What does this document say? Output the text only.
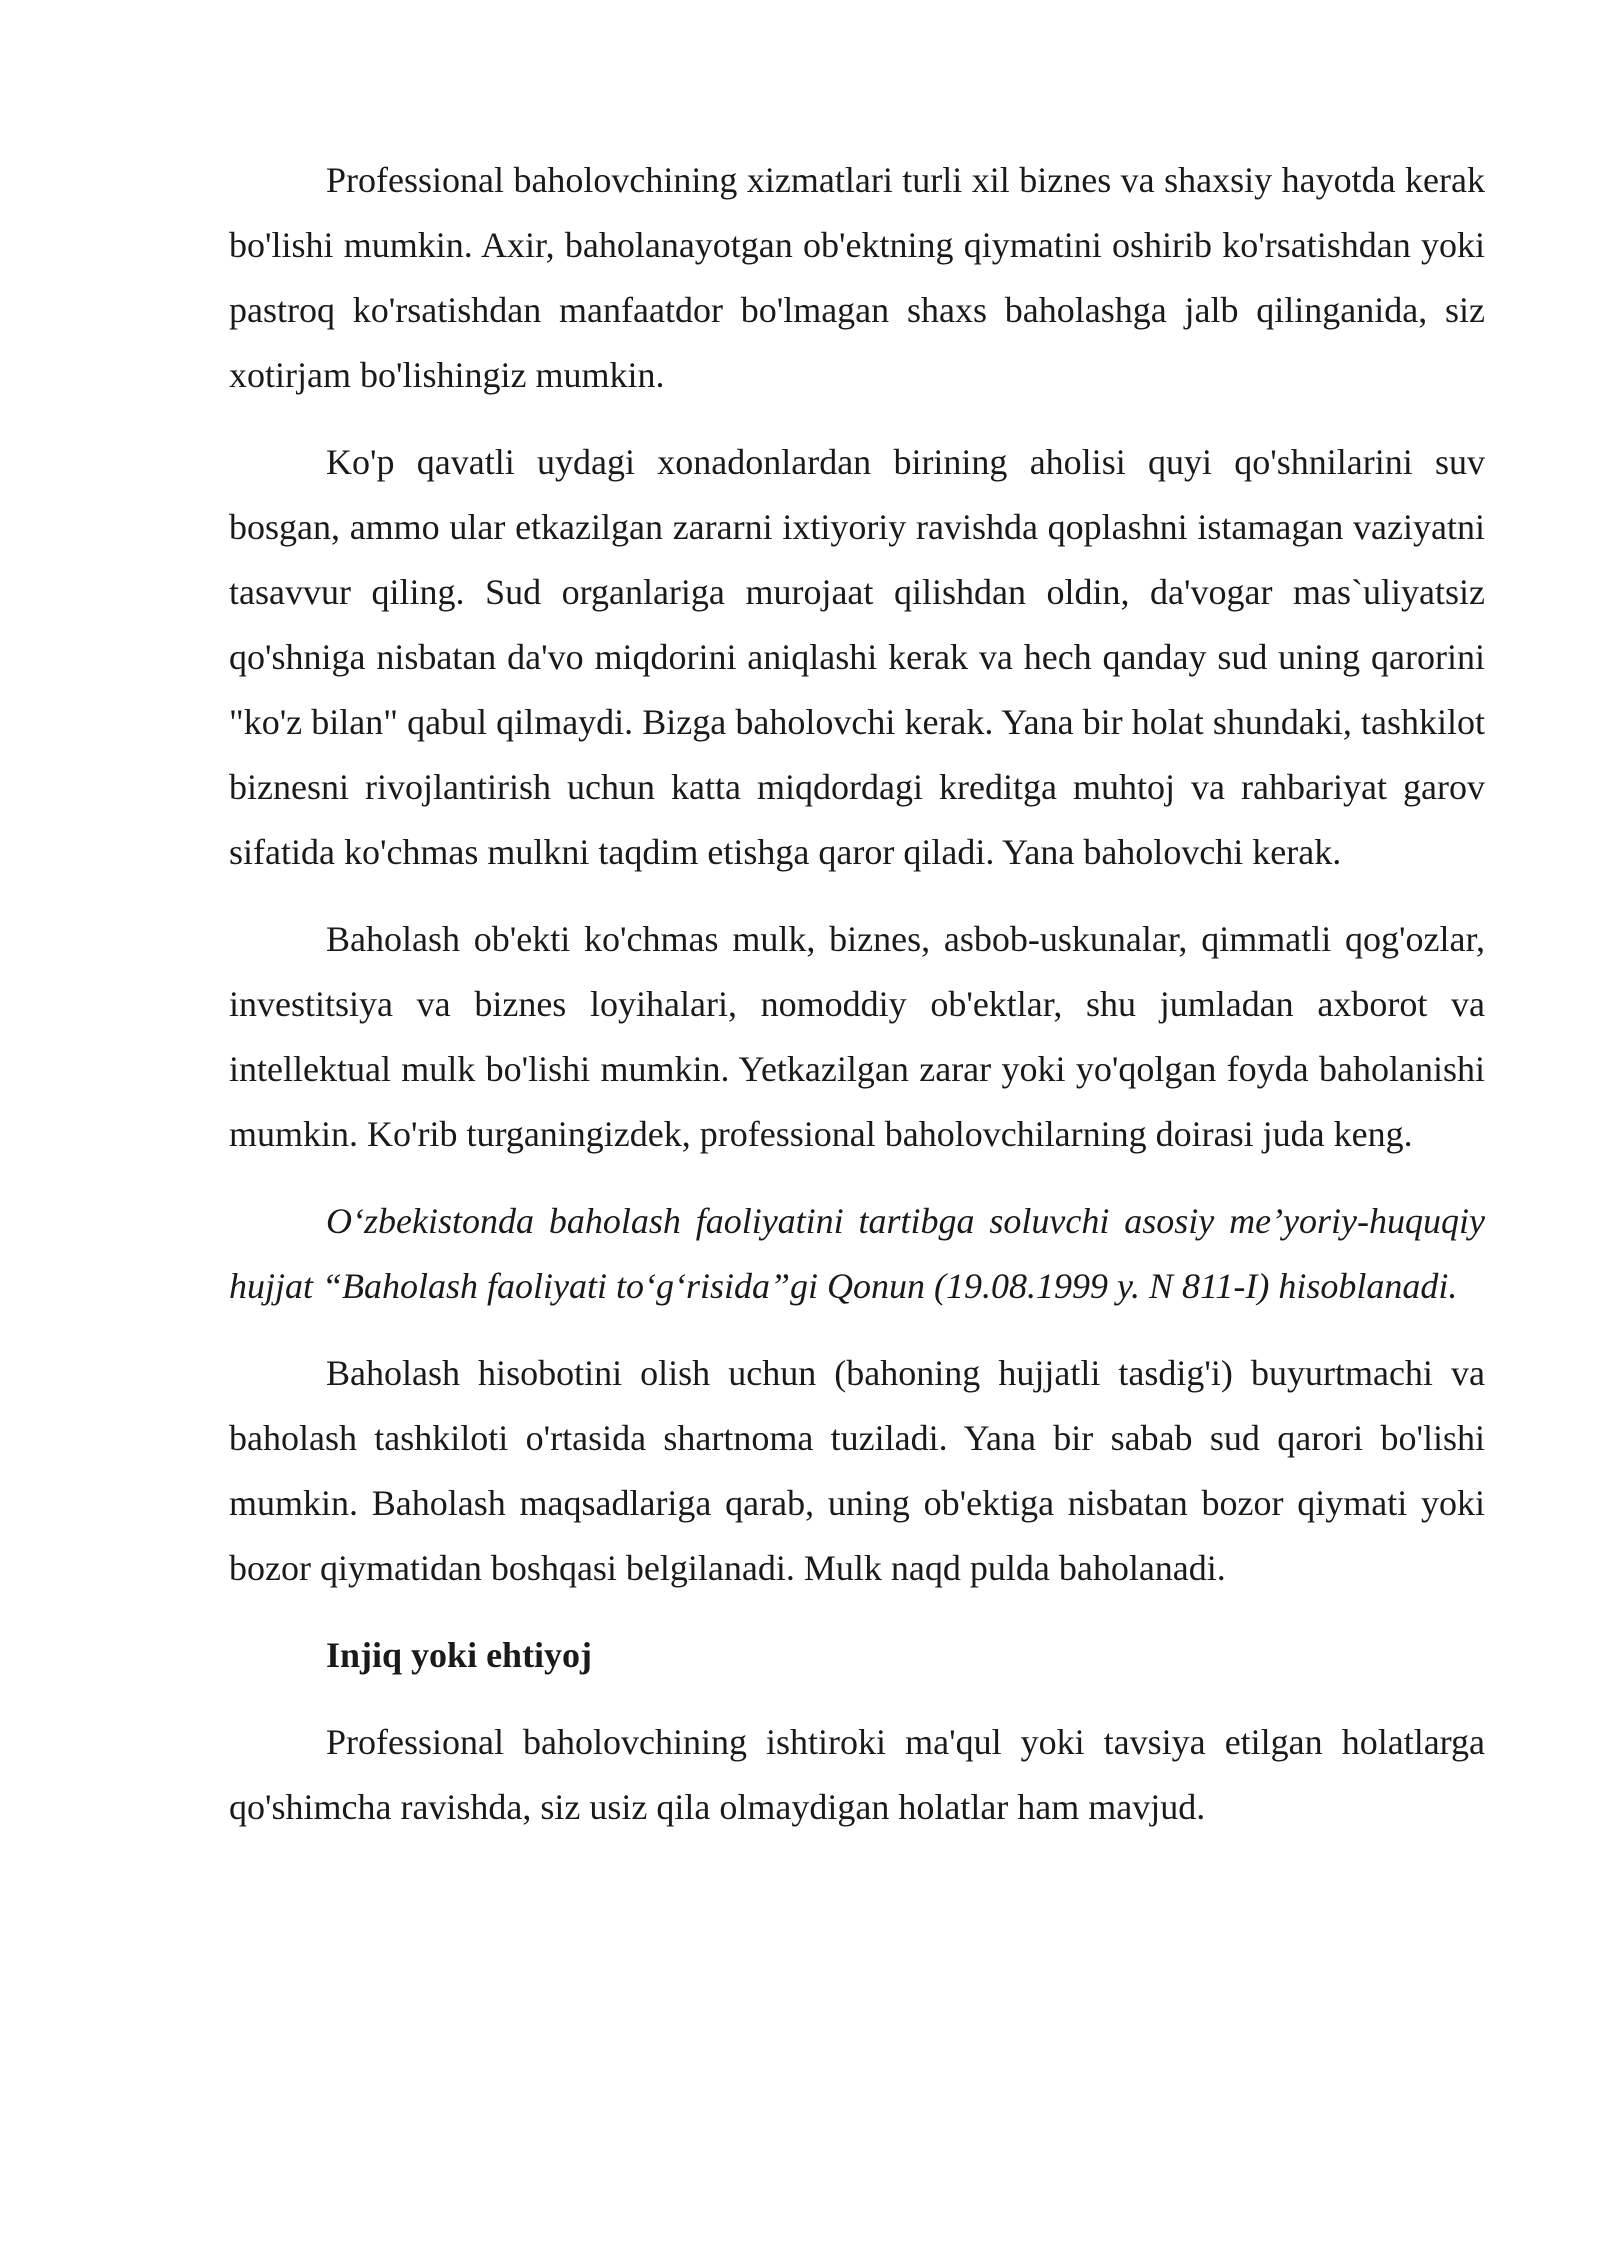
Professional baholovchining xizmatlari turli xil biznes va shaxsiy hayotda kerak bo'lishi mumkin. Axir, baholanayotgan ob'ektning qiymatini oshirib ko'rsatishdan yoki pastroq ko'rsatishdan manfaatdor bo'lmagan shaxs baholashga jalb qilinganida, siz xotirjam bo'lishingiz mumkin.

Ko'p qavatli uydagi xonadonlardan birining aholisi quyi qo'shnilarini suv bosgan, ammo ular etkazilgan zararni ixtiyoriy ravishda qoplashni istamagan vaziyatni tasavvur qiling. Sud organlariga murojaat qilishdan oldin, da'vogar mas`uliyatsiz qo'shniga nisbatan da'vo miqdorini aniqlashi kerak va hech qanday sud uning qarorini "ko'z bilan" qabul qilmaydi. Bizga baholovchi kerak. Yana bir holat shundaki, tashkilot biznesni rivojlantirish uchun katta miqdordagi kreditga muhtoj va rahbariyat garov sifatida ko'chmas mulkni taqdim etishga qaror qiladi. Yana baholovchi kerak.

Baholash ob'ekti ko'chmas mulk, biznes, asbob-uskunalar, qimmatli qog'ozlar, investitsiya va biznes loyihalari, nomoddiy ob'ektlar, shu jumladan axborot va intellektual mulk bo'lishi mumkin. Yetkazilgan zarar yoki yo'qolgan foyda baholanishi mumkin. Ko'rib turganingizdek, professional baholovchilarning doirasi juda keng.

O‘zbekistonda baholash faoliyatini tartibga soluvchi asosiy me’yoriy-huquqiy hujjat “Baholash faoliyati to‘g‘risida”gi Qonun (19.08.1999 y. N 811-I) hisoblanadi.

Baholash hisobotini olish uchun (bahoning hujjatli tasdig'i) buyurtmachi va baholash tashkiloti o'rtasida shartnoma tuziladi. Yana bir sabab sud qarori bo'lishi mumkin. Baholash maqsadlariga qarab, uning ob'ektiga nisbatan bozor qiymati yoki bozor qiymatidan boshqasi belgilanadi. Mulk naqd pulda baholanadi.

Injiq yoki ehtiyoj

Professional baholovchining ishtiroki ma'qul yoki tavsiya etilgan holatlarga qo'shimcha ravishda, siz usiz qila olmaydigan holatlar ham mavjud.
